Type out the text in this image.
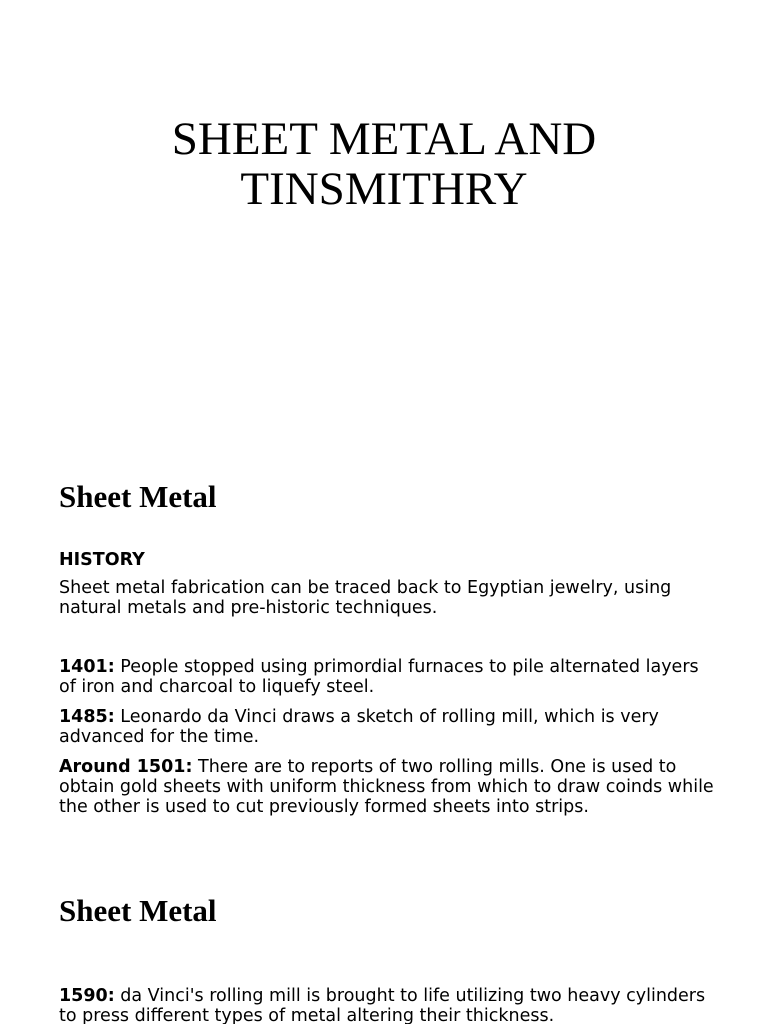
SHEET METAL AND
TINSMITHRY
Sheet Metal

HISTORY

Sheet metal fabrication can be traced back to Egyptian jewelry, using natural metals and pre-historic techniques.

1401: People stopped using primordial furnaces to pile alternated layers of iron and charcoal to liquefy steel.

1485: Leonardo da Vinci draws a sketch of rolling mill, which is very advanced for the time.

Around 1501: There are to reports of two rolling mills. One is used to obtain gold sheets with uniform thickness from which to draw coinds while the other is used to cut previously formed sheets into strips.

Sheet Metal

1590: da Vinci's rolling mill is brought to life utilizing two heavy cylinders to press different types of metal altering their thickness.
